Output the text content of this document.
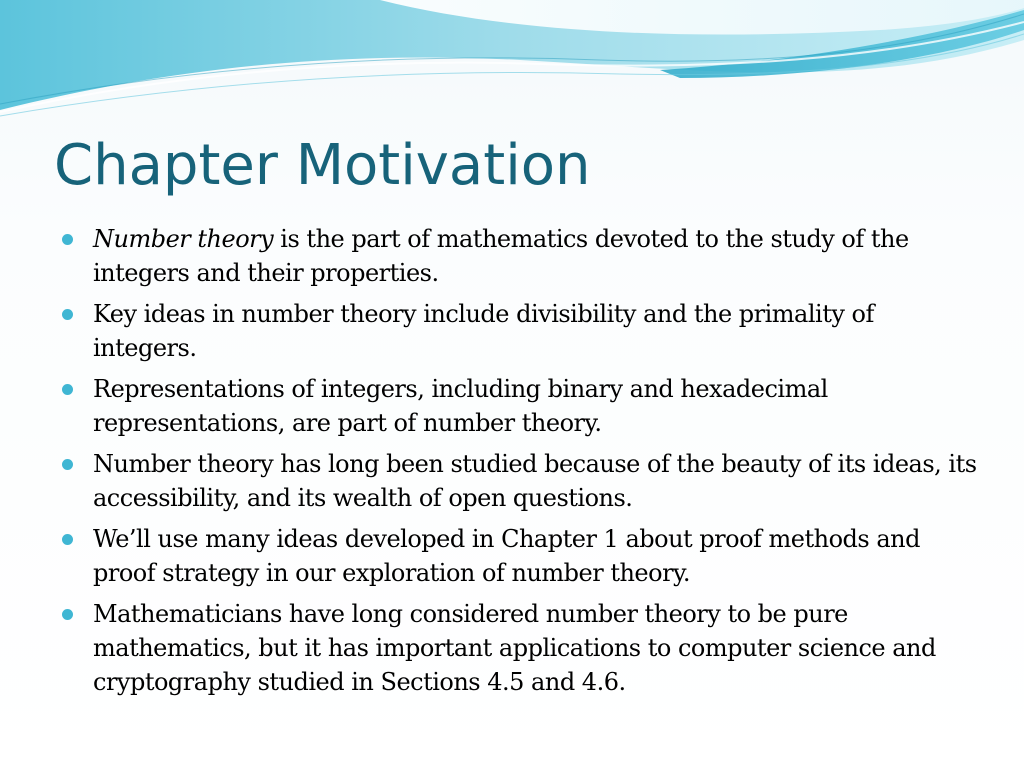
Chapter Motivation
Number theory is the part of mathematics devoted to the study of the integers and their properties.
Key ideas in number theory include divisibility and the primality of integers.
Representations of integers, including binary and hexadecimal representations, are part of number theory.
Number theory has long been studied because of the beauty of its ideas, its accessibility, and its wealth of open questions.
We’ll use many ideas developed in Chapter 1 about proof methods and proof strategy in our exploration of number theory.
Mathematicians have long considered number theory to be pure mathematics, but it has important applications to computer science and cryptography studied in Sections 4.5 and 4.6.
